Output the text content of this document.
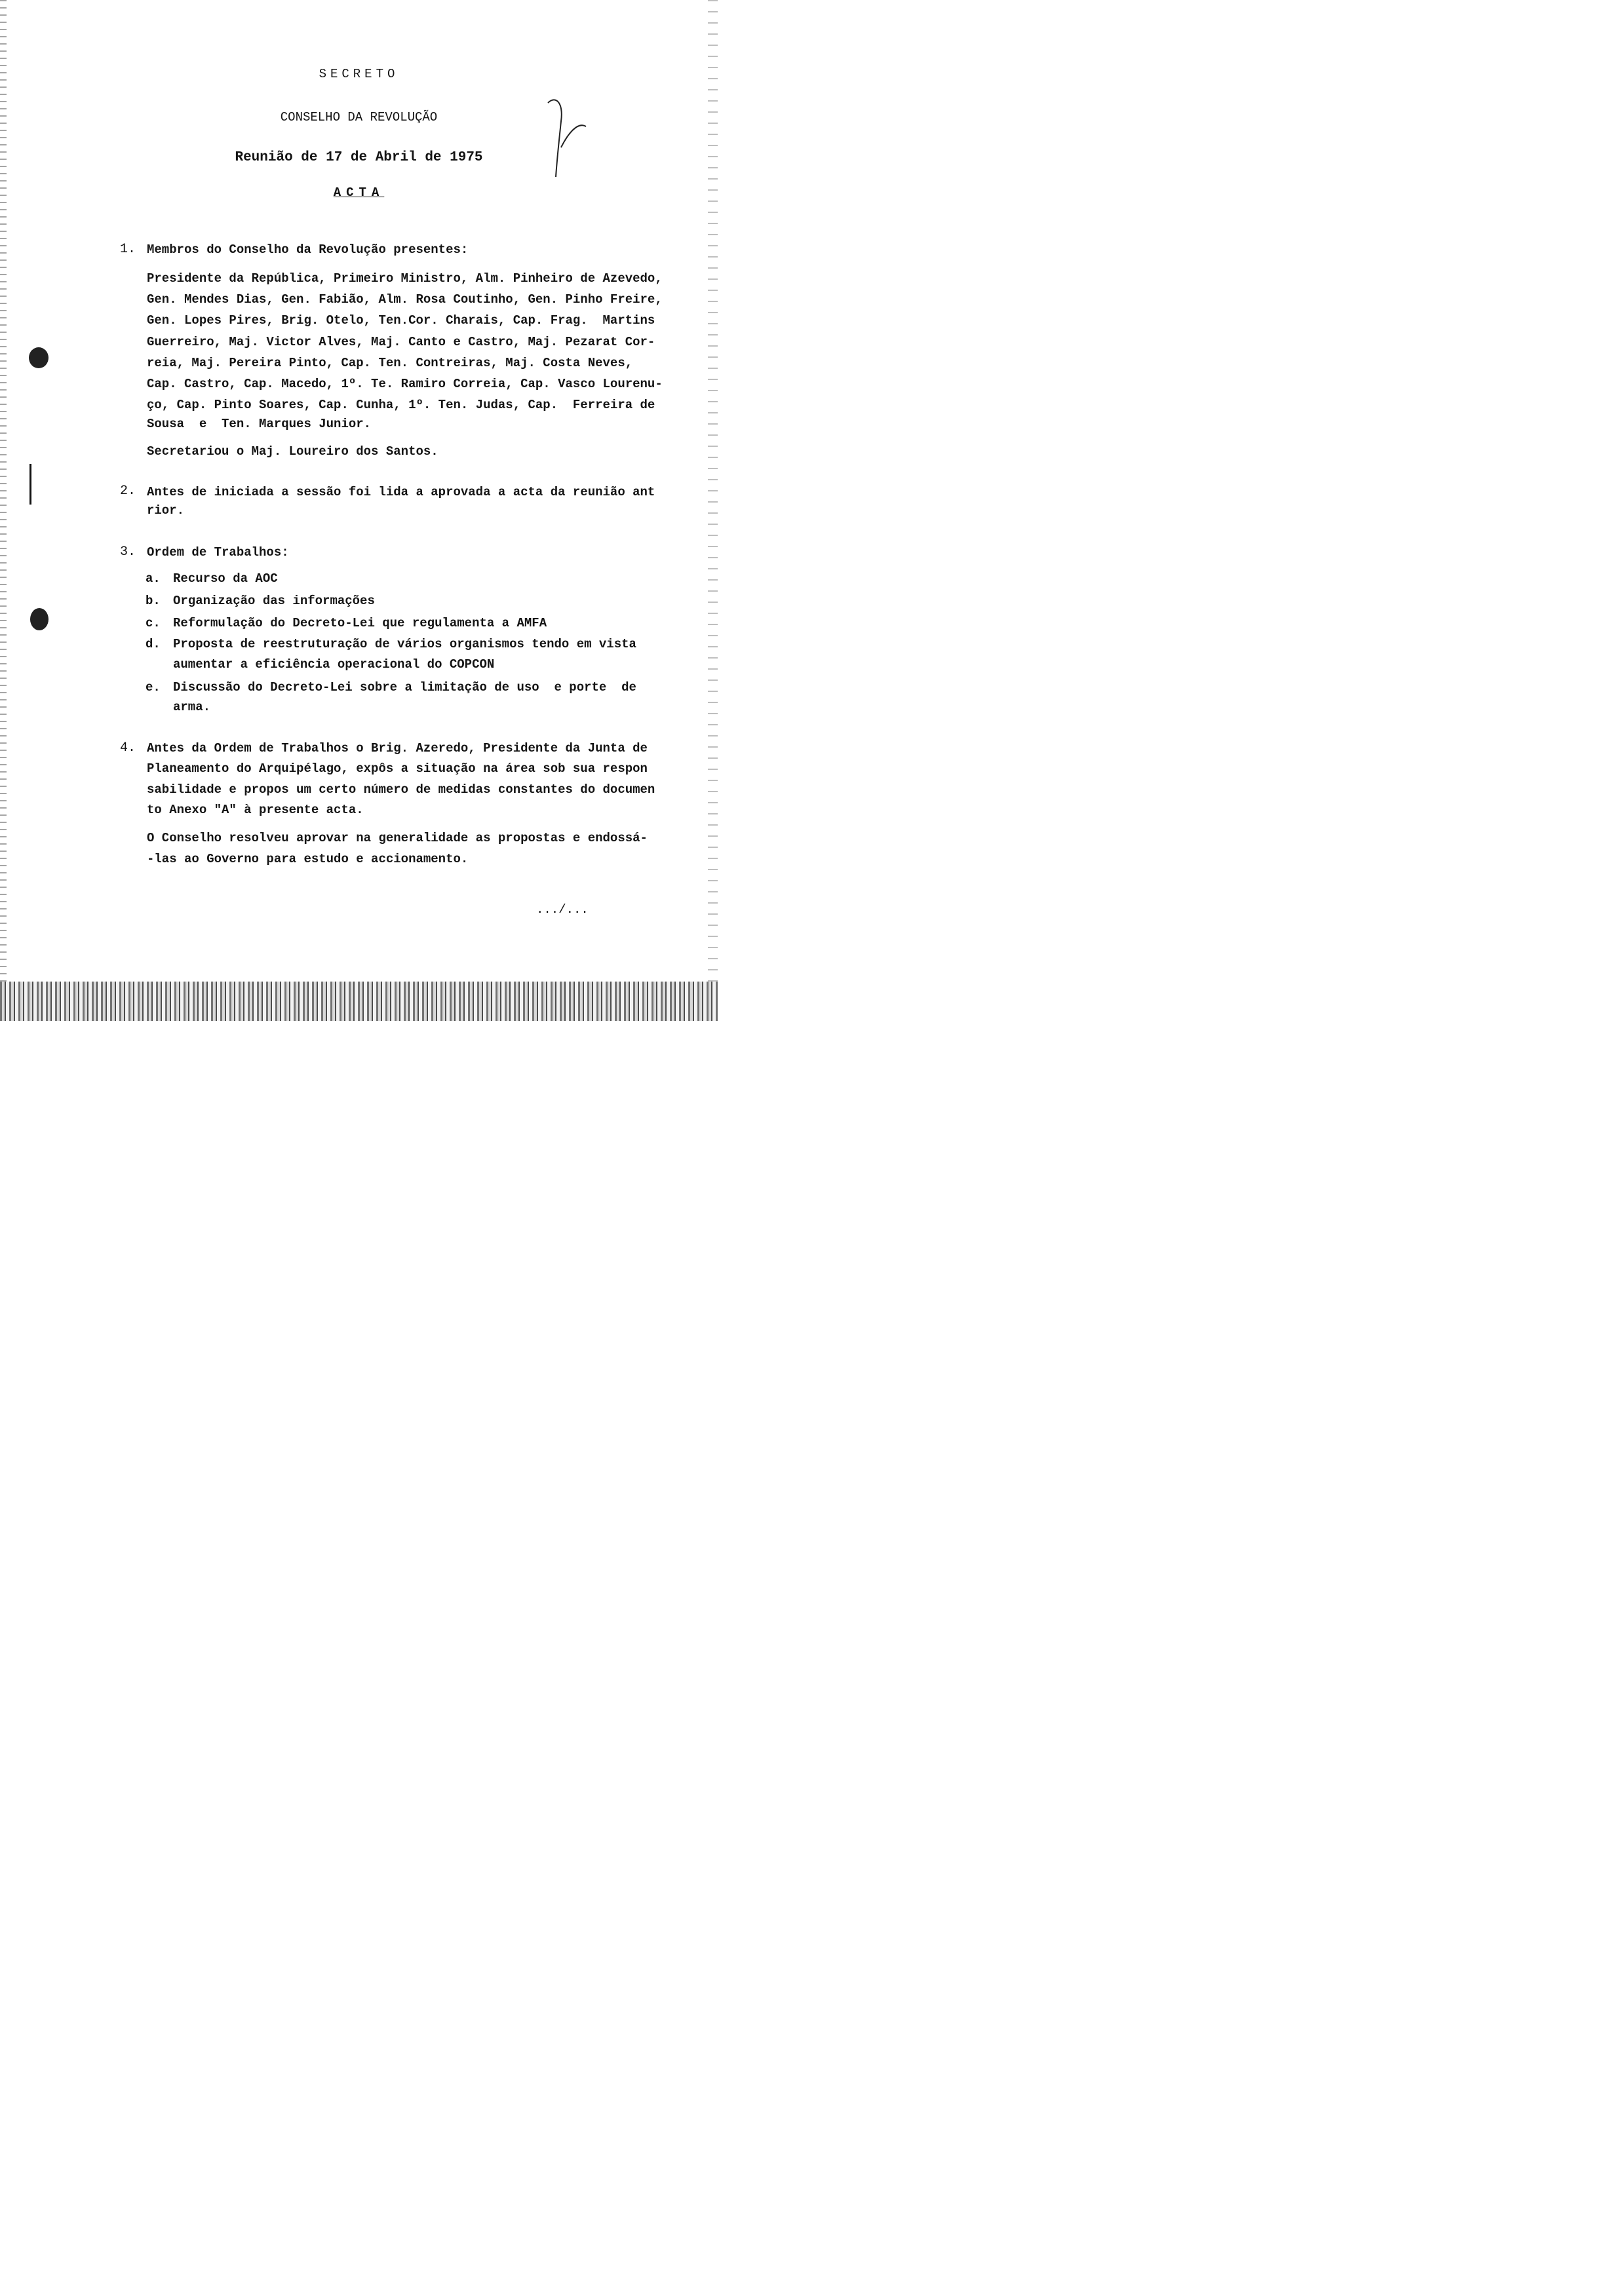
SECRETO
CONSELHO DA REVOLUÇÃO
Reunião de 17 de Abril de 1975
ACTA
1. Membros do Conselho da Revolução presentes:
Presidente da República, Primeiro Ministro, Alm. Pinheiro de Azevedo,
Gen. Mendes Dias, Gen. Fabião, Alm. Rosa Coutinho, Gen. Pinho Freire,
Gen. Lopes Pires, Brig. Otelo, Ten.Cor. Charais, Cap. Frag.  Martins
Guerreiro, Maj. Victor Alves, Maj. Canto e Castro, Maj. Pezarat Cor-
reia, Maj. Pereira Pinto, Cap. Ten. Contreiras, Maj. Costa Neves,
Cap. Castro, Cap. Macedo, 1º. Te. Ramiro Correia, Cap. Vasco Lourenu-
ço, Cap. Pinto Soares, Cap. Cunha, 1º. Ten. Judas, Cap.  Ferreira de
Sousa  e  Ten. Marques Junior.
Secretariou o Maj. Loureiro dos Santos.
2. Antes de iniciada a sessão foi lida a aprovada a acta da reunião ant
rior.
3. Ordem de Trabalhos:
a. Recurso da AOC
b. Organização das informações
c. Reformulação do Decreto-Lei que regulamenta a AMFA
d. Proposta de reestruturação de vários organismos tendo em vista
aumentar a eficiência operacional do COPCON
e. Discussão do Decreto-Lei sobre a limitação de uso  e porte  de
arma.
4. Antes da Ordem de Trabalhos o Brig. Azeredo, Presidente da Junta de
Planeamento do Arquipélago, expôs a situação na área sob sua respon
sabilidade e propos um certo número de medidas constantes do documen
to Anexo "A" à presente acta.
O Conselho resolveu aprovar na generalidade as propostas e endossá-
-las ao Governo para estudo e accionamento.
.../...
